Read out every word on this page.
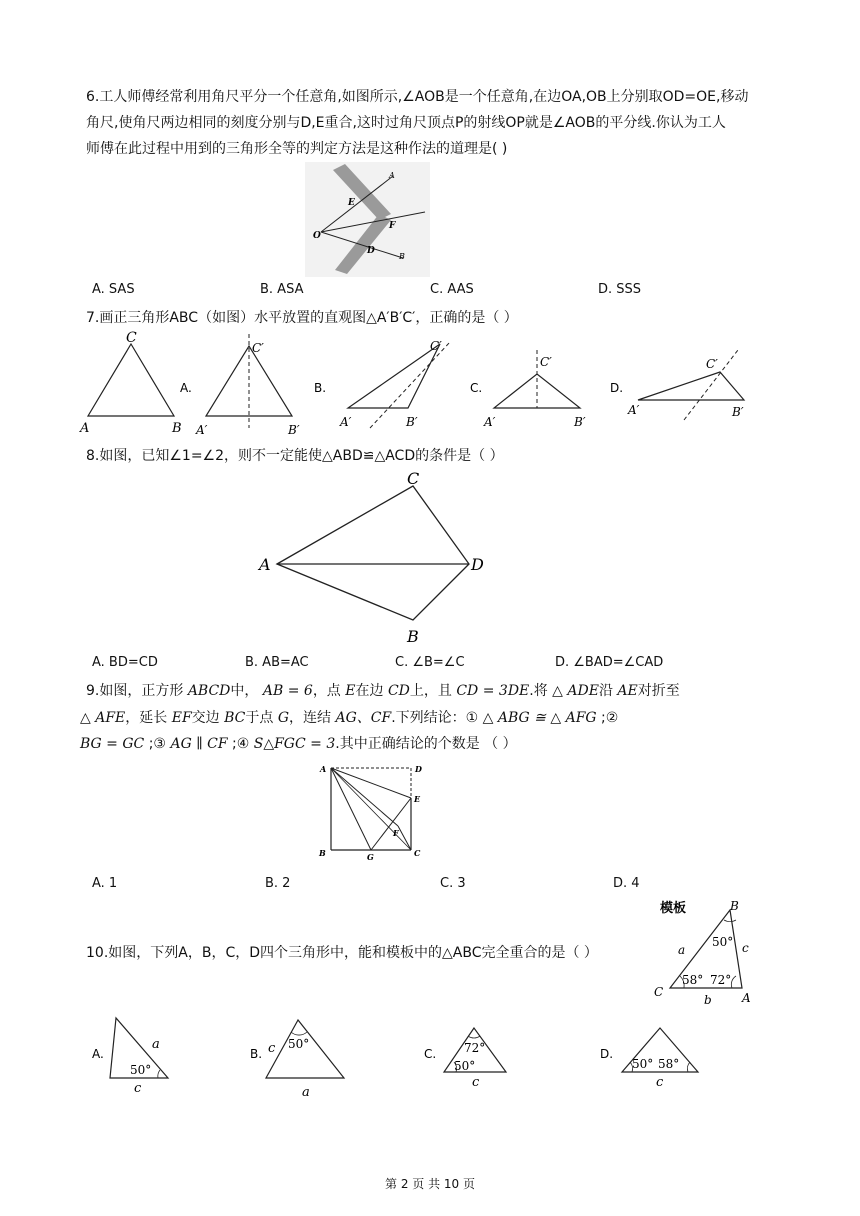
6.工人师傅经常利用角尺平分一个任意角,如图所示,∠AOB是一个任意角,在边OA,OB上分别取OD=OE,移动
角尺,使角尺两边相同的刻度分别与D,E重合,这时过角尺顶点P的射线OP就是∠AOB的平分线.你认为工人
师傅在此过程中用到的三角形全等的判定方法是这种作法的道理是( )
A
B
O
E
F
D
A. SAS	B. ASA	C. AAS	D. SSS
7.画正三角形ABC（如图）水平放置的直观图△A′B′C′，正确的是（ ）
C
A	B
A.
C′
A′	B′
B.
C′
A′	B′
C.
C′
A′	B′
D.
C′
A′	B′
8.如图，已知∠1=∠2，则不一定能使△ABD≌△ACD的条件是（ ）
A
C
D
B
A. BD=CD	B. AB=AC	C. ∠B=∠C	D. ∠BAD=∠CAD
9.如图，正方形 ABCD中， AB = 6，点 E在边 CD上，且 CD = 3DE.将 △ ADE沿 AE对折至
△ AFE，延长 EF交边 BC于点 G，连结 AG、CF.下列结论：① △ ABG ≅ △ AFG ;②
BG = GC ;③ AG ∥ CF ;④ S△FGC = 3.其中正确结论的个数是 （ ）
A	D
E
F
B	G	C
A. 1	B. 2	C. 3	D. 4
10.如图，下列A，B，C，D四个三角形中，能和模板中的△ABC完全重合的是（ ）
模板	B
C	A
a
b
c
50°
58° 72°
A.
a
c
50°
B. c 50°
a
C. 72°
50°
c
D.
50° 58°
c
第 2 页 共 10 页
